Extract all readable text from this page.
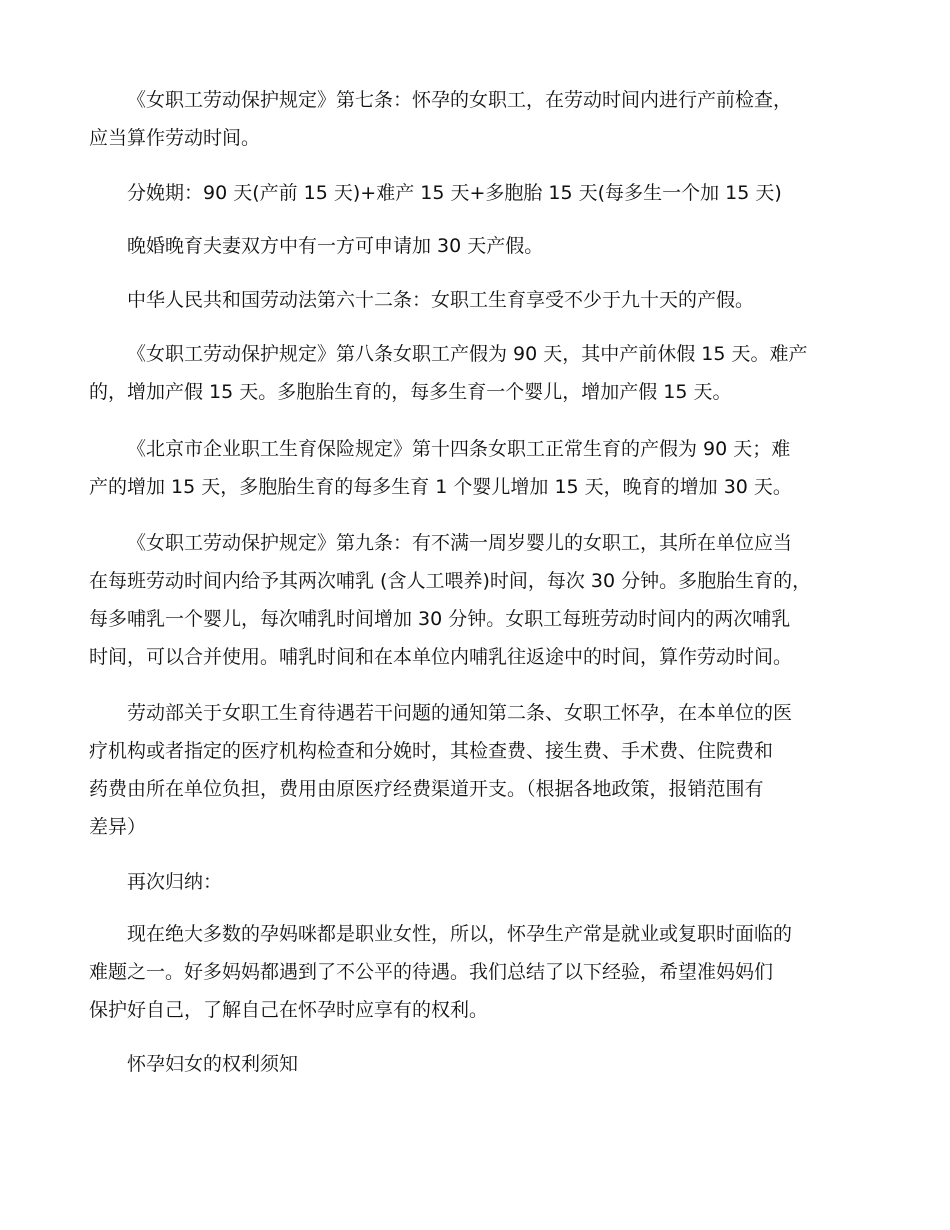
《女职工劳动保护规定》第七条：怀孕的女职工，在劳动时间内进行产前检查，
应当算作劳动时间。

分娩期：90 天(产前 15 天)+难产 15 天+多胞胎 15 天(每多生一个加 15 天)

晚婚晚育夫妻双方中有一方可申请加 30 天产假。

中华人民共和国劳动法第六十二条：女职工生育享受不少于九十天的产假。

《女职工劳动保护规定》第八条女职工产假为 90 天，其中产前休假 15 天。难产
的，增加产假 15 天。多胞胎生育的，每多生育一个婴儿，增加产假 15 天。

《北京市企业职工生育保险规定》第十四条女职工正常生育的产假为 90 天；难
产的增加 15 天，多胞胎生育的每多生育 1 个婴儿增加 15 天，晚育的增加 30 天。

《女职工劳动保护规定》第九条：有不满一周岁婴儿的女职工，其所在单位应当
在每班劳动时间内给予其两次哺乳 (含人工喂养)时间，每次 30 分钟。多胞胎生育的，
每多哺乳一个婴儿，每次哺乳时间增加 30 分钟。女职工每班劳动时间内的两次哺乳
时间，可以合并使用。哺乳时间和在本单位内哺乳往返途中的时间，算作劳动时间。

劳动部关于女职工生育待遇若干问题的通知第二条、女职工怀孕，在本单位的医
疗机构或者指定的医疗机构检查和分娩时，其检查费、接生费、手术费、住院费和
药费由所在单位负担，费用由原医疗经费渠道开支。（根据各地政策，报销范围有
差异）

再次归纳：

现在绝大多数的孕妈咪都是职业女性，所以，怀孕生产常是就业或复职时面临的
难题之一。好多妈妈都遇到了不公平的待遇。我们总结了以下经验，希望准妈妈们
保护好自己，了解自己在怀孕时应享有的权利。

怀孕妇女的权利须知
